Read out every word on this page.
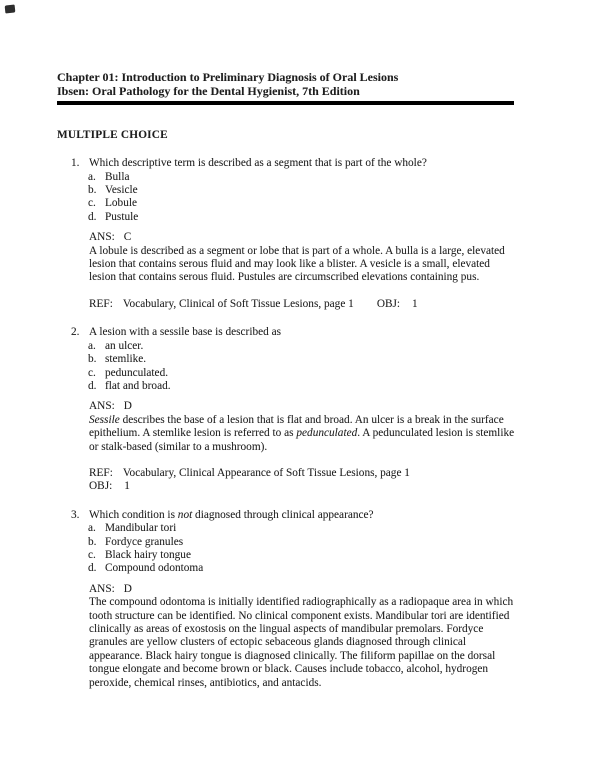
Chapter 01: Introduction to Preliminary Diagnosis of Oral Lesions
Ibsen: Oral Pathology for the Dental Hygienist, 7th Edition
MULTIPLE CHOICE
1. Which descriptive term is described as a segment that is part of the whole?
a. Bulla
b. Vesicle
c. Lobule
d. Pustule
ANS: C
A lobule is described as a segment or lobe that is part of a whole. A bulla is a large, elevated lesion that contains serous fluid and may look like a blister. A vesicle is a small, elevated lesion that contains serous fluid. Pustules are circumscribed elevations containing pus.
REF: Vocabulary, Clinical of Soft Tissue Lesions, page 1 OBJ: 1
2. A lesion with a sessile base is described as
a. an ulcer.
b. stemlike.
c. pedunculated.
d. flat and broad.
ANS: D
Sessile describes the base of a lesion that is flat and broad. An ulcer is a break in the surface epithelium. A stemlike lesion is referred to as pedunculated. A pedunculated lesion is stemlike or stalk-based (similar to a mushroom).
REF: Vocabulary, Clinical Appearance of Soft Tissue Lesions, page 1
OBJ: 1
3. Which condition is not diagnosed through clinical appearance?
a. Mandibular tori
b. Fordyce granules
c. Black hairy tongue
d. Compound odontoma
ANS: D
The compound odontoma is initially identified radiographically as a radiopaque area in which tooth structure can be identified. No clinical component exists. Mandibular tori are identified clinically as areas of exostosis on the lingual aspects of mandibular premolars. Fordyce granules are yellow clusters of ectopic sebaceous glands diagnosed through clinical appearance. Black hairy tongue is diagnosed clinically. The filiform papillae on the dorsal tongue elongate and become brown or black. Causes include tobacco, alcohol, hydrogen peroxide, chemical rinses, antibiotics, and antacids.
